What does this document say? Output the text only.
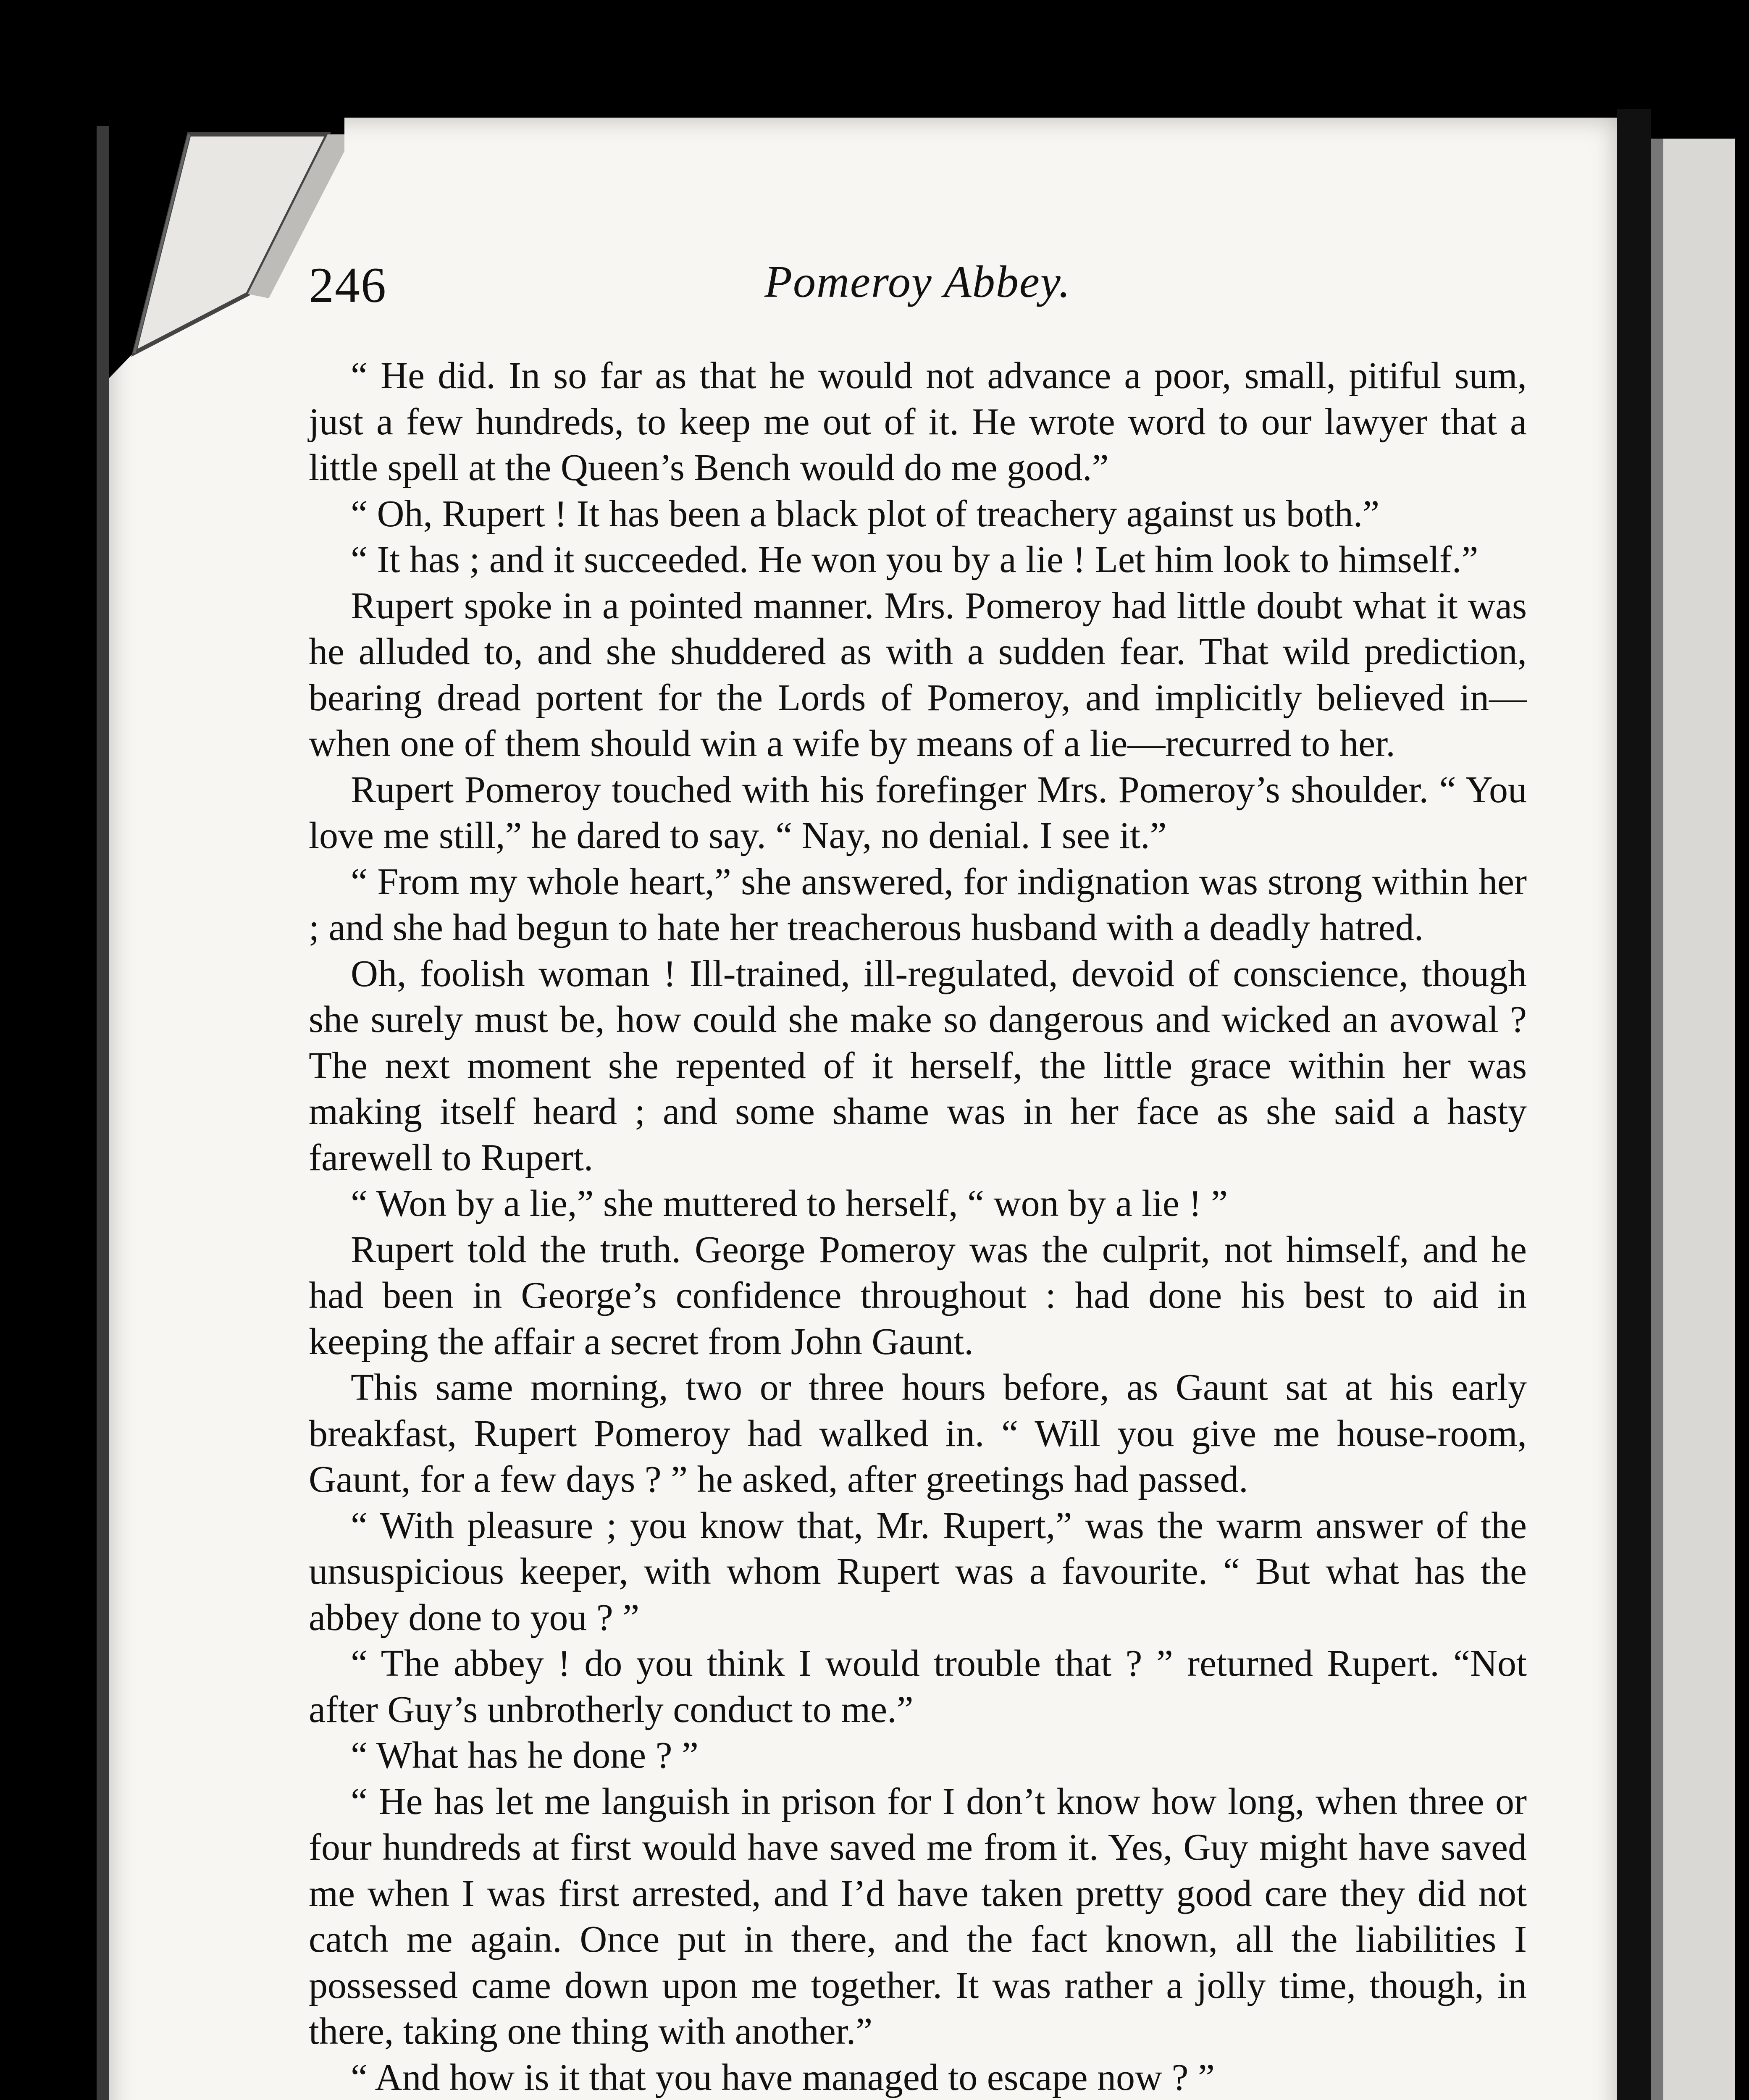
246	Pomeroy Abbey.

“ He did. In so far as that he would not advance a poor, small, pitiful sum, just a few hundreds, to keep me out of it. He wrote word to our lawyer that a little spell at the Queen’s Bench would do me good.”

“ Oh, Rupert ! It has been a black plot of treachery against us both.”

“ It has ; and it succeeded. He won you by a lie ! Let him look to himself.”

Rupert spoke in a pointed manner. Mrs. Pomeroy had little doubt what it was he alluded to, and she shuddered as with a sudden fear. That wild prediction, bearing dread portent for the Lords of Pomeroy, and implicitly believed in—when one of them should win a wife by means of a lie—recurred to her.

Rupert Pomeroy touched with his forefinger Mrs. Pomeroy’s shoulder. “ You love me still,” he dared to say. “ Nay, no denial. I see it.”

“ From my whole heart,” she answered, for indignation was strong within her ; and she had begun to hate her treacherous husband with a deadly hatred.

Oh, foolish woman ! Ill-trained, ill-regulated, devoid of conscience, though she surely must be, how could she make so dangerous and wicked an avowal ? The next moment she repented of it herself, the little grace within her was making itself heard ; and some shame was in her face as she said a hasty farewell to Rupert.

“ Won by a lie,” she muttered to herself, “ won by a lie ! ”

Rupert told the truth. George Pomeroy was the culprit, not himself, and he had been in George’s confidence throughout : had done his best to aid in keeping the affair a secret from John Gaunt.

This same morning, two or three hours before, as Gaunt sat at his early breakfast, Rupert Pomeroy had walked in. “ Will you give me house-room, Gaunt, for a few days ? ” he asked, after greetings had passed.

“ With pleasure ; you know that, Mr. Rupert,” was the warm answer of the unsuspicious keeper, with whom Rupert was a favourite. “ But what has the abbey done to you ? ”

“ The abbey ! do you think I would trouble that ? ” returned Rupert. “Not after Guy’s unbrotherly conduct to me.”

“ What has he done ? ”

“ He has let me languish in prison for I don’t know how long, when three or four hundreds at first would have saved me from it. Yes, Guy might have saved me when I was first arrested, and I’d have taken pretty good care they did not catch me again. Once put in there, and the fact known, all the liabilities I possessed came down upon me together. It was rather a jolly time, though, in there, taking one thing with another.”

“ And how is it that you have managed to escape now ? ”
